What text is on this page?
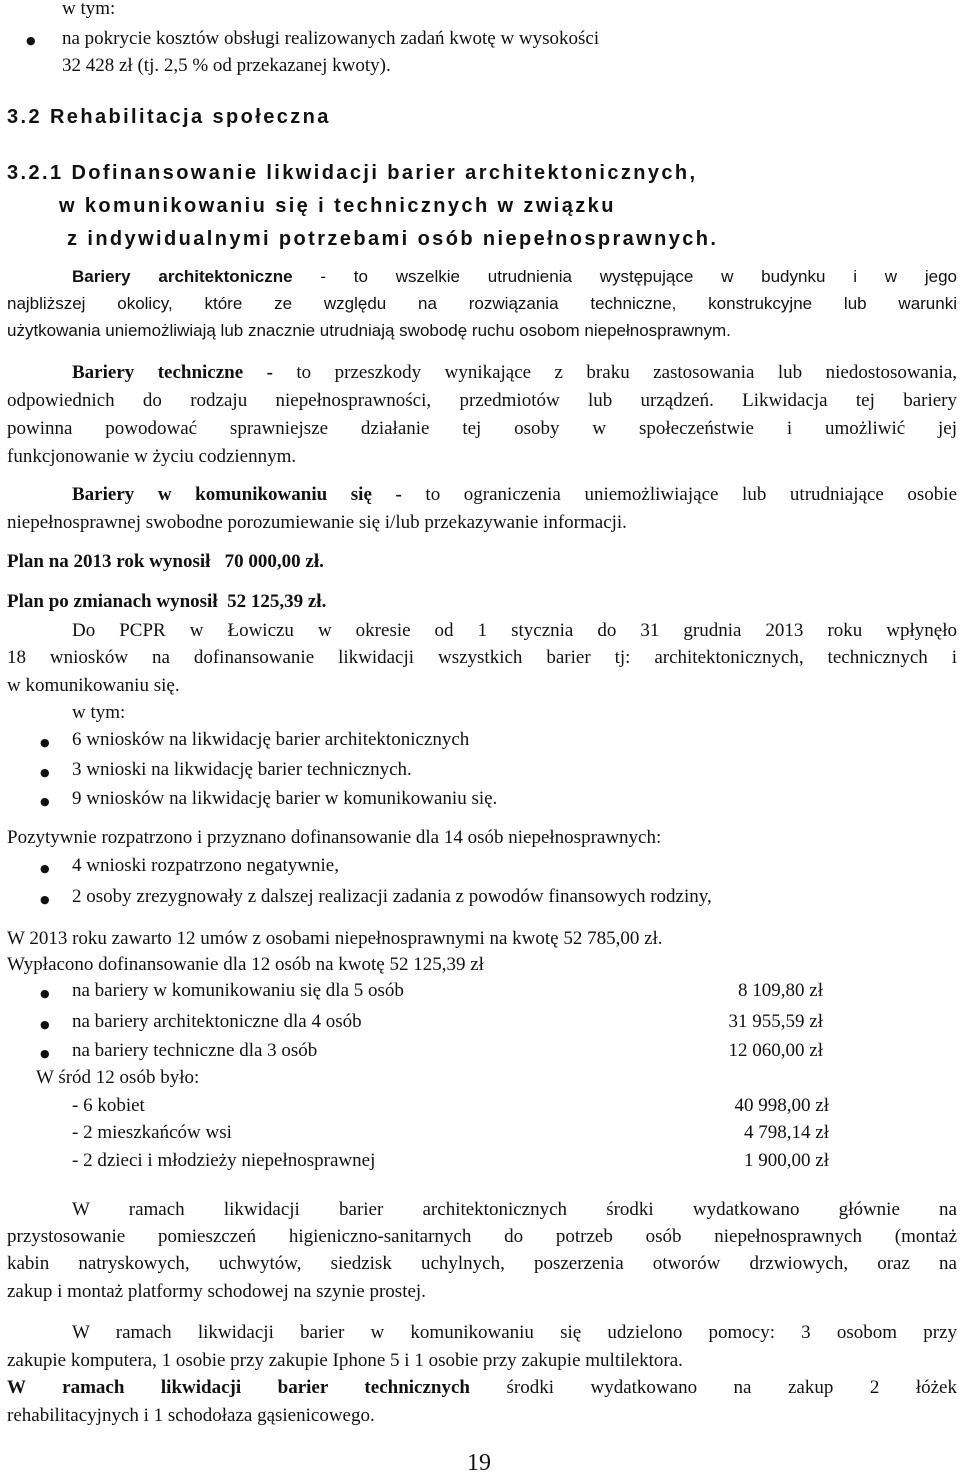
w tym:
● na pokrycie kosztów obsługi realizowanych zadań kwotę w wysokości
32 428 zł (tj. 2,5 % od przekazanej kwoty).
3.2 Rehabilitacja społeczna
3.2.1 Dofinansowanie likwidacji barier architektonicznych,
w komunikowaniu się i technicznych w związku
z indywidualnymi potrzebami osób niepełnosprawnych.
Bariery architektoniczne - to wszelkie utrudnienia występujące w budynku i w jego
najbliższej okolicy, które ze względu na rozwiązania techniczne, konstrukcyjne lub warunki
użytkowania uniemożliwiają lub znacznie utrudniają swobodę ruchu osobom niepełnosprawnym.
Bariery techniczne - to przeszkody wynikające z braku zastosowania lub niedostosowania,
odpowiednich do rodzaju niepełnosprawności, przedmiotów lub urządzeń. Likwidacja tej bariery
powinna powodować sprawniejsze działanie tej osoby w społeczeństwie i umożliwić jej
funkcjonowanie w życiu codziennym.
Bariery w komunikowaniu się - to ograniczenia uniemożliwiające lub utrudniające osobie
niepełnosprawnej swobodne porozumiewanie się i/lub przekazywanie informacji.
Plan na 2013 rok wynosił 70 000,00 zł.
Plan po zmianach wynosił 52 125,39 zł.
Do PCPR w Łowiczu w okresie od 1 stycznia do 31 grudnia 2013 roku wpłynęło
18 wniosków na dofinansowanie likwidacji wszystkich barier tj: architektonicznych, technicznych i
w komunikowaniu się.
w tym:
● 6 wniosków na likwidację barier architektonicznych
● 3 wnioski na likwidację barier technicznych.
● 9 wniosków na likwidację barier w komunikowaniu się.
Pozytywnie rozpatrzono i przyznano dofinansowanie dla 14 osób niepełnosprawnych:
● 4 wnioski rozpatrzono negatywnie,
● 2 osoby zrezygnowały z dalszej realizacji zadania z powodów finansowych rodziny,
W 2013 roku zawarto 12 umów z osobami niepełnosprawnymi na kwotę 52 785,00 zł.
Wypłacono dofinansowanie dla 12 osób na kwotę 52 125,39 zł
● na bariery w komunikowaniu się dla 5 osób	8 109,80 zł
● na bariery architektoniczne dla 4 osób	31 955,59 zł
● na bariery techniczne dla 3 osób	12 060,00 zł
W śród 12 osób było:
- 6 kobiet	40 998,00 zł
- 2 mieszkańców wsi	4 798,14 zł
- 2 dzieci i młodzieży niepełnosprawnej	1 900,00 zł
W ramach likwidacji barier architektonicznych środki wydatkowano głównie na
przystosowanie pomieszczeń higieniczno-sanitarnych do potrzeb osób niepełnosprawnych (montaż
kabin natryskowych, uchwytów, siedzisk uchylnych, poszerzenia otworów drzwiowych, oraz na
zakup i montaż platformy schodowej na szynie prostej.
W ramach likwidacji barier w komunikowaniu się udzielono pomocy: 3 osobom przy
zakupie komputera, 1 osobie przy zakupie Iphone 5 i 1 osobie przy zakupie multilektora.
W ramach likwidacji barier technicznych środki wydatkowano na zakup 2 łóżek
rehabilitacyjnych i 1 schodołaza gąsienicowego.
19
